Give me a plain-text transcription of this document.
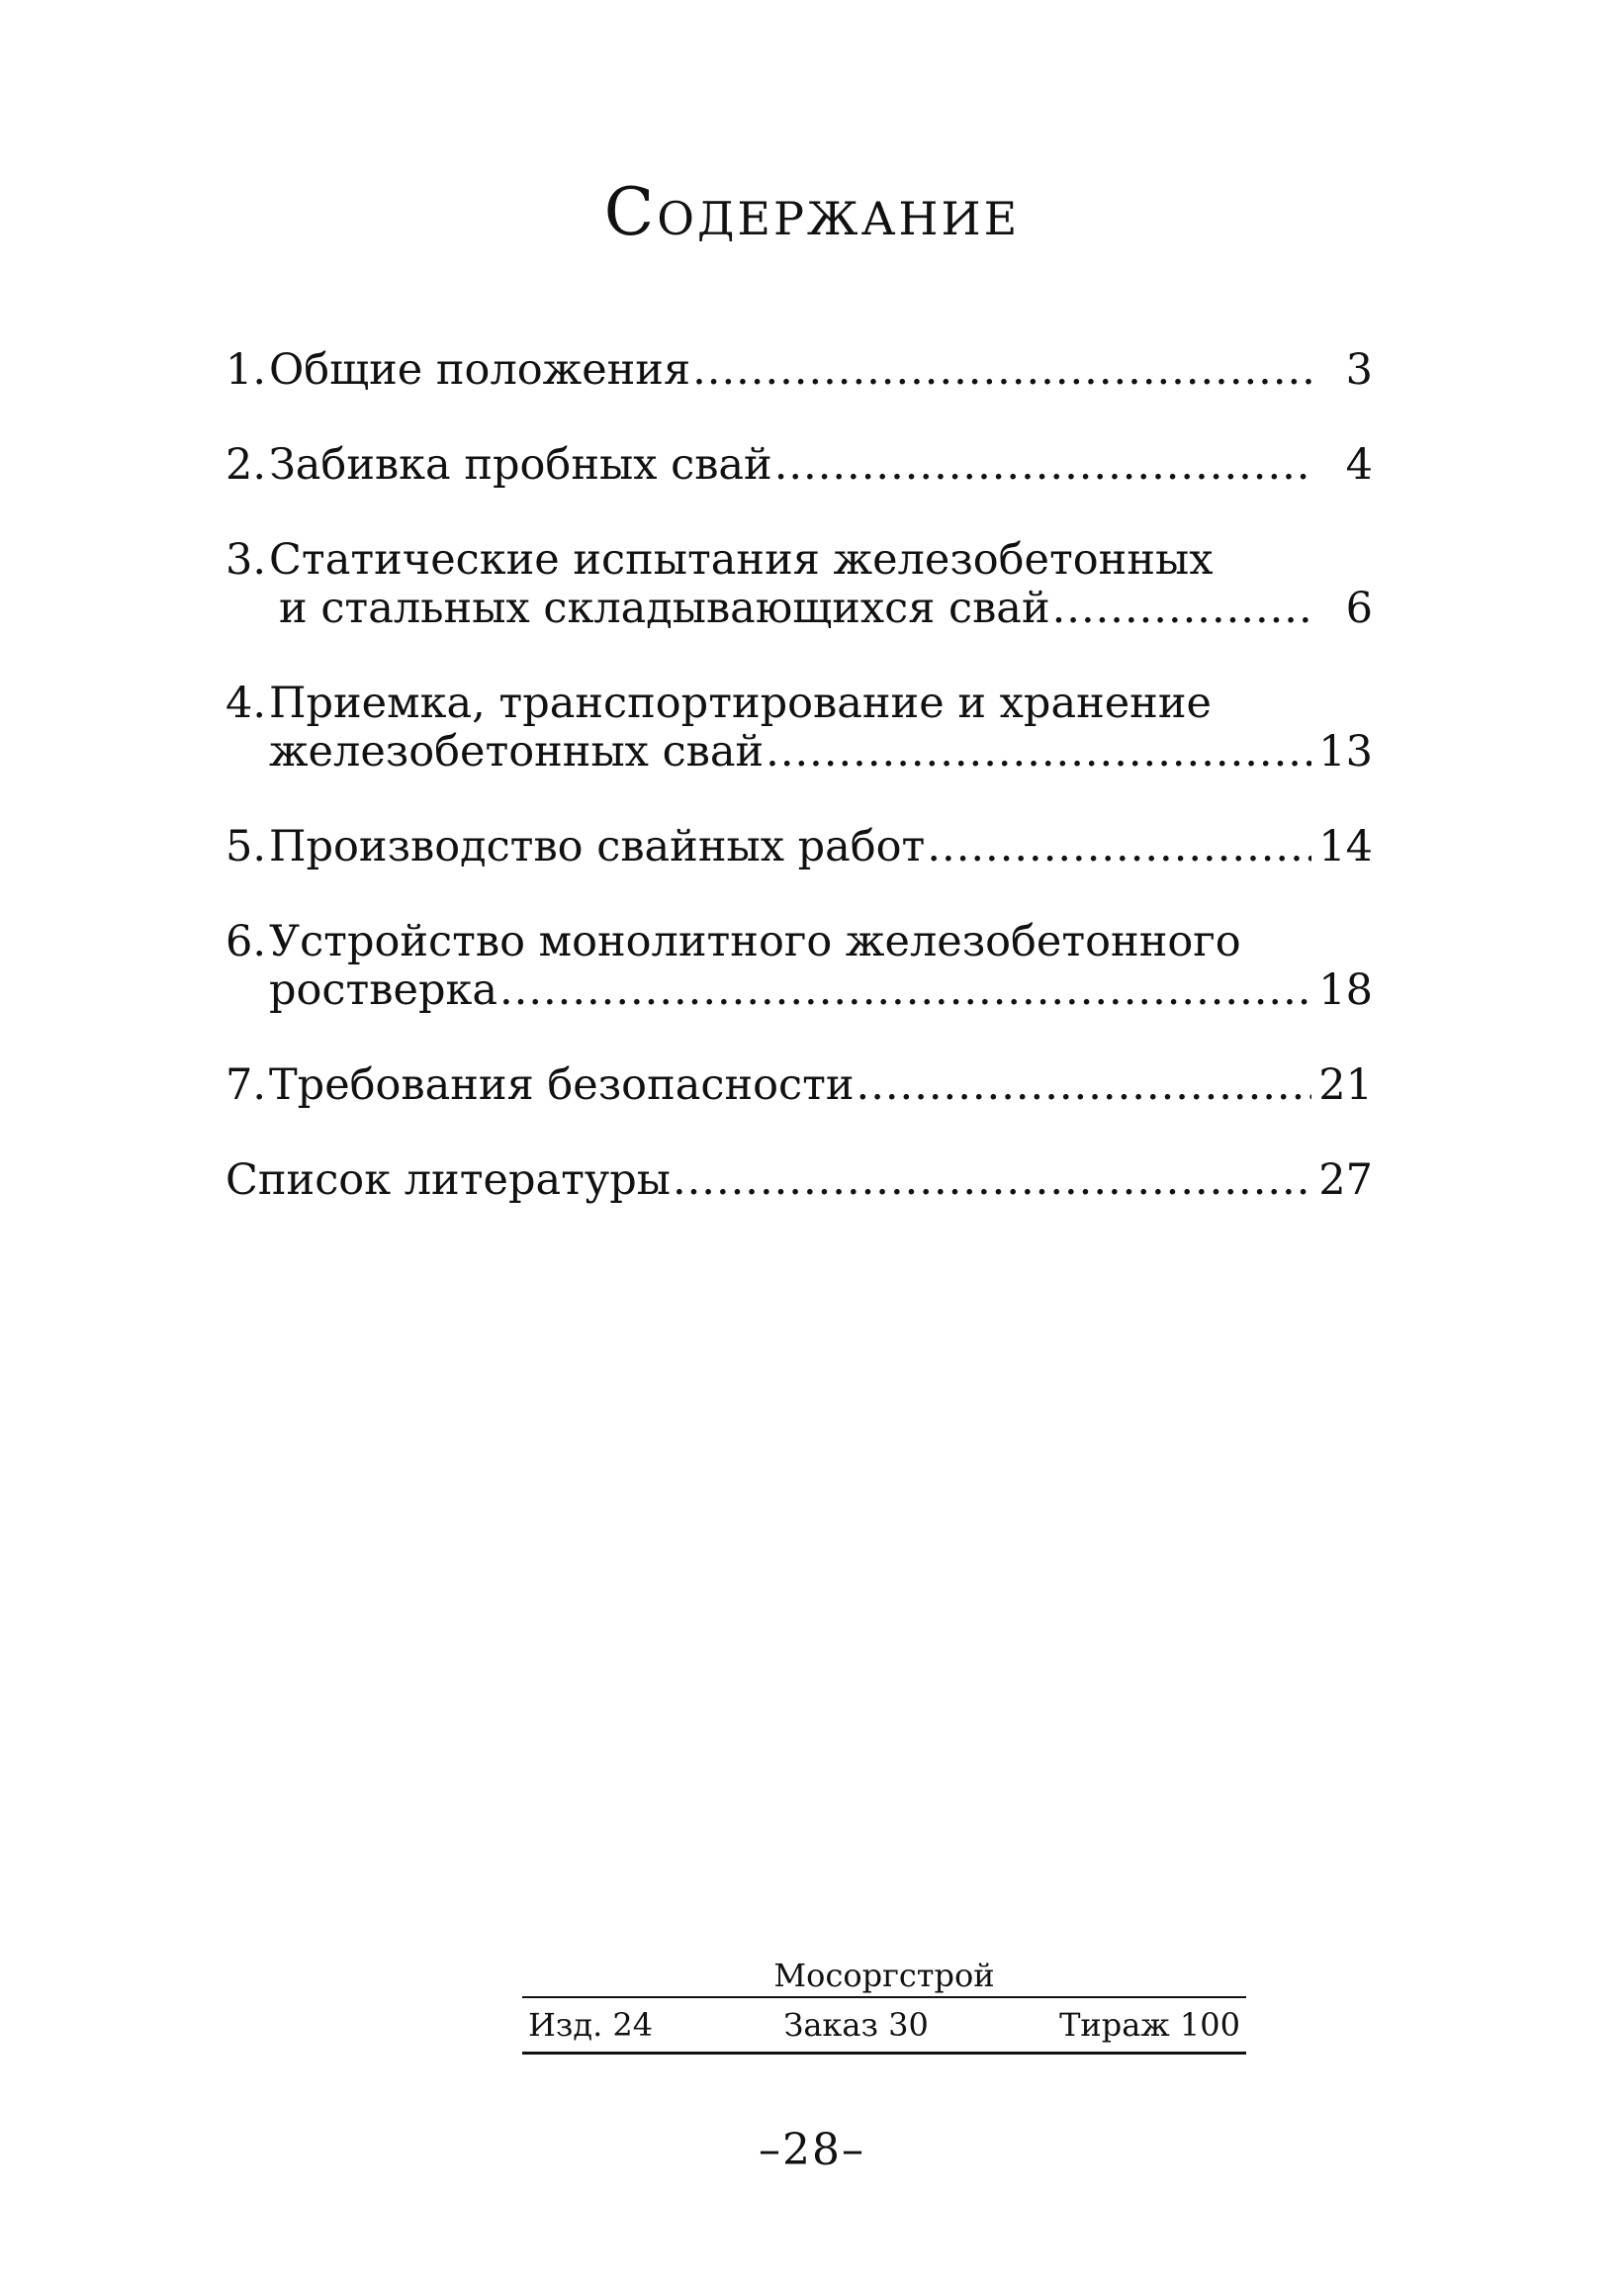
Содержание
1. Общие положения .....	3
2. Забивка пробных свай .....	4
3. Статические испытания железобетонных
и стальных складывающихся свай .....	6
4. Приемка, транспортирование и хранение
железобетонных свай .....	13
5. Производство свайных работ .....	14
6. Устройство монолитного железобетонного
ростверка .....	18
7. Требования безопасности .....	21
Список литературы .....	27
Мосоргстрой
Изд. 24	Заказ 30	Тираж 100
–28–
